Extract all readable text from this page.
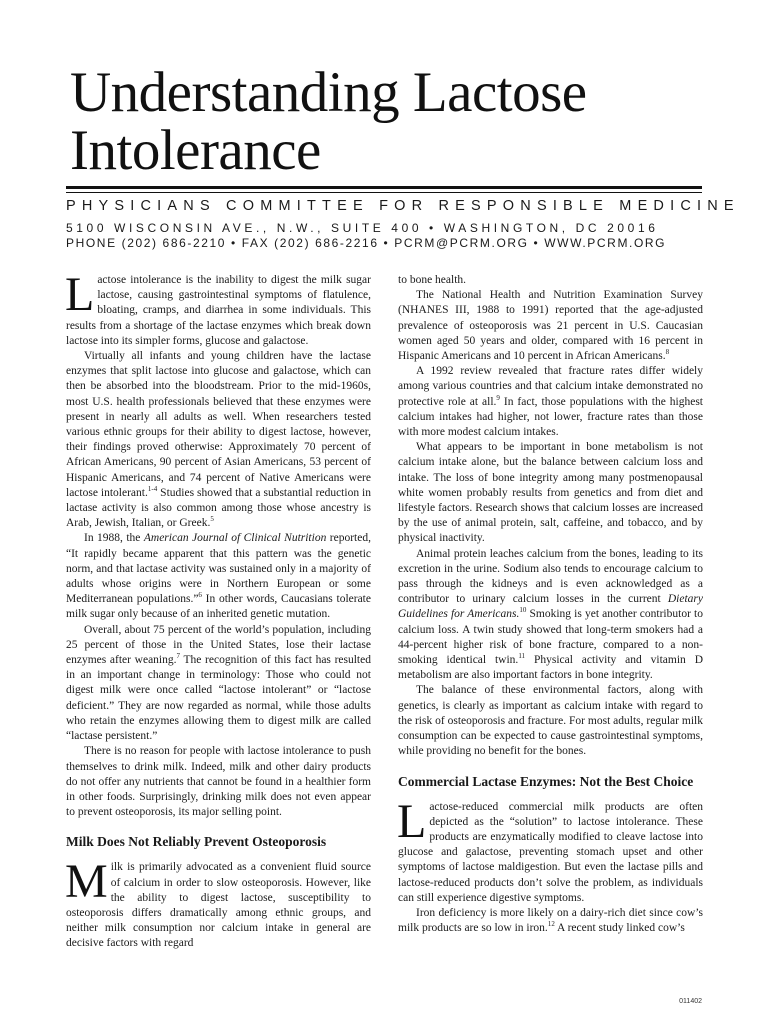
Understanding Lactose
Intolerance
PHYSICIANS COMMITTEE FOR RESPONSIBLE MEDICINE
5100 WISCONSIN AVE., N.W., SUITE 400 • WASHINGTON, DC 20016
PHONE (202) 686-2210 • FAX (202) 686-2216 • PCRM@PCRM.ORG • WWW.PCRM.ORG

Lactose intolerance is the inability to digest the milk sugar lactose, causing gastrointestinal symptoms of flatulence, bloating, cramps, and diarrhea in some individuals. This results from a shortage of the lactase enzymes which break down lactose into its simpler forms, glucose and galactose.

Virtually all infants and young children have the lactase enzymes that split lactose into glucose and galactose, which can then be absorbed into the bloodstream. Prior to the mid-1960s, most U.S. health professionals believed that these enzymes were present in nearly all adults as well. When researchers tested various ethnic groups for their ability to digest lactose, however, their findings proved otherwise: Approximately 70 percent of African Americans, 90 percent of Asian Americans, 53 percent of Hispanic Americans, and 74 percent of Native Americans were lactose intolerant.$^{1-4}$ Studies showed that a substantial reduction in lactase activity is also common among those whose ancestry is Arab, Jewish, Italian, or Greek.$^5$

In 1988, the American Journal of Clinical Nutrition reported, “It rapidly became apparent that this pattern was the genetic norm, and that lactase activity was sustained only in a majority of adults whose origins were in Northern European or some Mediterranean populations.”$^6$ In other words, Caucasians tolerate milk sugar only because of an inherited genetic mutation.

Overall, about 75 percent of the world’s population, including 25 percent of those in the United States, lose their lactase enzymes after weaning.$^7$ The recognition of this fact has resulted in an important change in terminology: Those who could not digest milk were once called “lactose intolerant” or “lactose deficient.” They are now regarded as normal, while those adults who retain the enzymes allowing them to digest milk are called “lactase persistent.”

There is no reason for people with lactose intolerance to push themselves to drink milk. Indeed, milk and other dairy products do not offer any nutrients that cannot be found in a healthier form in other foods. Surprisingly, drinking milk does not even appear to prevent osteoporosis, its major selling point.

Milk Does Not Reliably Prevent Osteoporosis

Milk is primarily advocated as a convenient fluid source of calcium in order to slow osteoporosis. However, like the ability to digest lactose, susceptibility to osteoporosis differs dramatically among ethnic groups, and neither milk consumption nor calcium intake in general are decisive factors with regard

to bone health.

The National Health and Nutrition Examination Survey (NHANES III, 1988 to 1991) reported that the age-adjusted prevalence of osteoporosis was 21 percent in U.S. Caucasian women aged 50 years and older, compared with 16 percent in Hispanic Americans and 10 percent in African Americans.$^8$

A 1992 review revealed that fracture rates differ widely among various countries and that calcium intake demonstrated no protective role at all.$^9$ In fact, those populations with the highest calcium intakes had higher, not lower, fracture rates than those with more modest calcium intakes.

What appears to be important in bone metabolism is not calcium intake alone, but the balance between calcium loss and intake. The loss of bone integrity among many postmenopausal white women probably results from genetics and from diet and lifestyle factors. Research shows that calcium losses are increased by the use of animal protein, salt, caffeine, and tobacco, and by physical inactivity.

Animal protein leaches calcium from the bones, leading to its excretion in the urine. Sodium also tends to encourage calcium to pass through the kidneys and is even acknowledged as a contributor to urinary calcium losses in the current Dietary Guidelines for Americans.$^{10}$ Smoking is yet another contributor to calcium loss. A twin study showed that long-term smokers had a 44-percent higher risk of bone fracture, compared to a non-smoking identical twin.$^{11}$ Physical activity and vitamin D metabolism are also important factors in bone integrity.

The balance of these environmental factors, along with genetics, is clearly as important as calcium intake with regard to the risk of osteoporosis and fracture. For most adults, regular milk consumption can be expected to cause gastrointestinal symptoms, while providing no benefit for the bones.

Commercial Lactase Enzymes: Not the Best Choice

Lactose-reduced commercial milk products are often depicted as the “solution” to lactose intolerance. These products are enzymatically modified to cleave lactose into glucose and galactose, preventing stomach upset and other symptoms of lactose maldigestion. But even the lactase pills and lactose-reduced products don’t solve the problem, as individuals can still experience digestive symptoms.

Iron deficiency is more likely on a dairy-rich diet since cow’s milk products are so low in iron.$^{12}$ A recent study linked cow’s

011402
